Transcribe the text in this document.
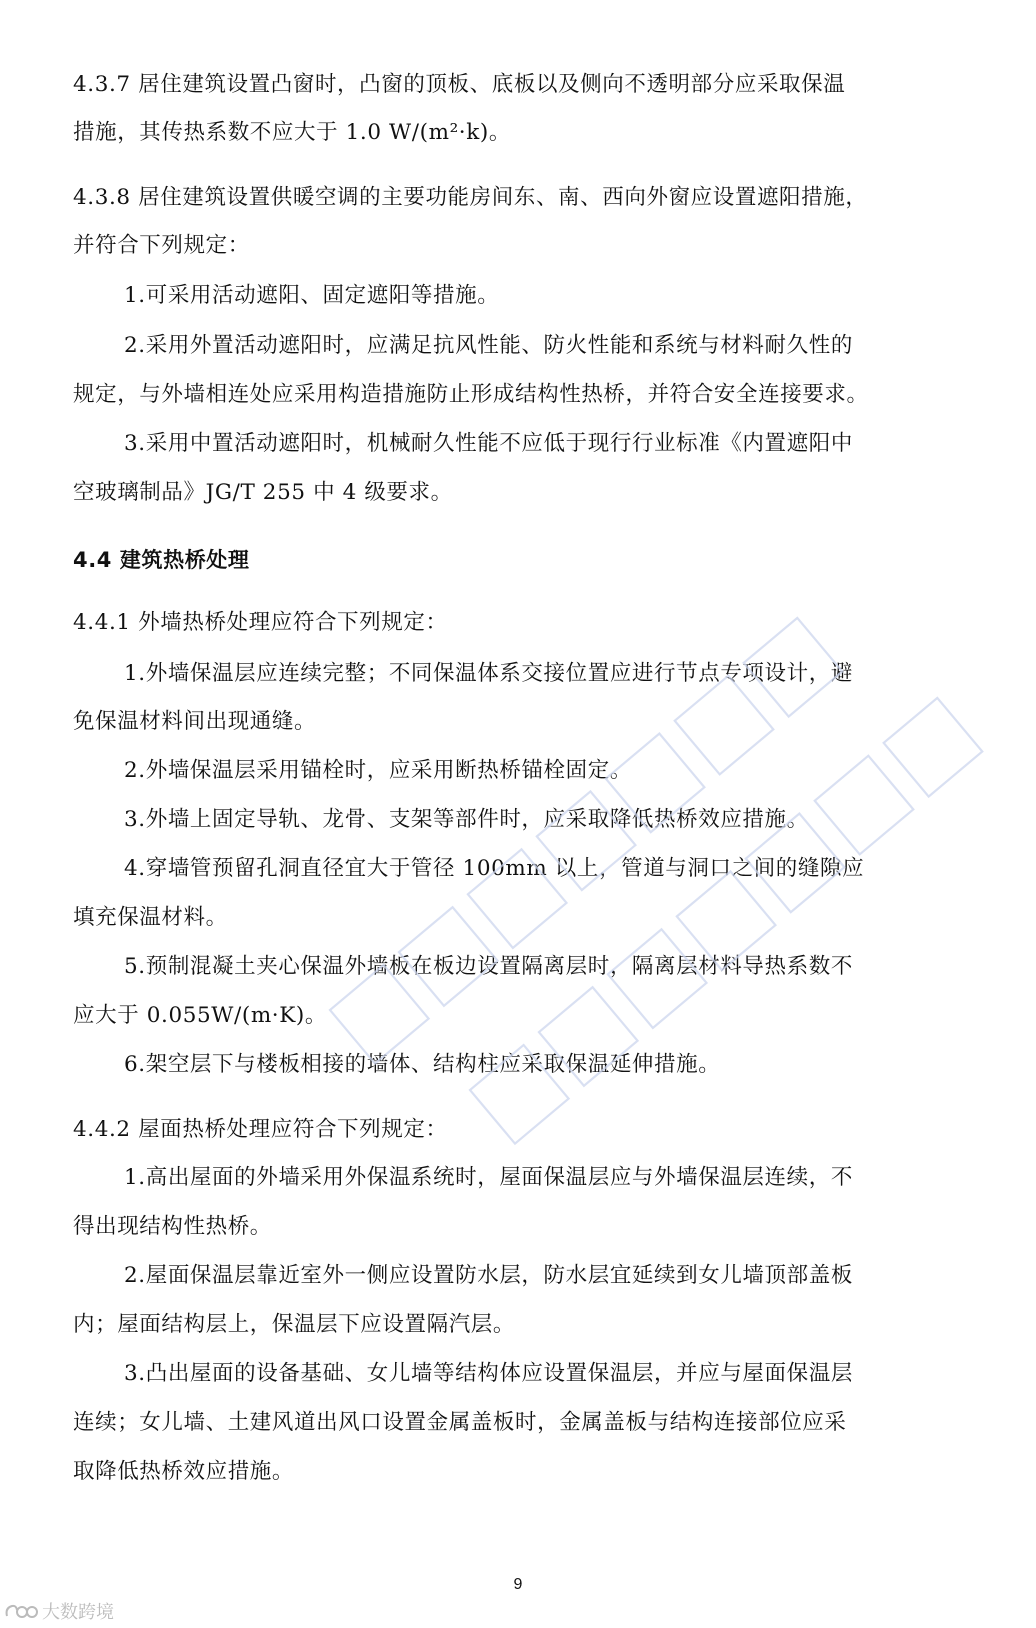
4.3.7 居住建筑设置凸窗时，凸窗的顶板、底板以及侧向不透明部分应采取保温
措施，其传热系数不应大于 1.0 W/(m²·k)。
4.3.8 居住建筑设置供暖空调的主要功能房间东、南、西向外窗应设置遮阳措施，
并符合下列规定：
1.可采用活动遮阳、固定遮阳等措施。
2.采用外置活动遮阳时，应满足抗风性能、防火性能和系统与材料耐久性的
规定，与外墙相连处应采用构造措施防止形成结构性热桥，并符合安全连接要求。
3.采用中置活动遮阳时，机械耐久性能不应低于现行行业标准《内置遮阳中
空玻璃制品》JG/T 255 中 4 级要求。
4.4 建筑热桥处理
4.4.1 外墙热桥处理应符合下列规定：
1.外墙保温层应连续完整；不同保温体系交接位置应进行节点专项设计，避
免保温材料间出现通缝。
2.外墙保温层采用锚栓时，应采用断热桥锚栓固定。
3.外墙上固定导轨、龙骨、支架等部件时，应采取降低热桥效应措施。
4.穿墙管预留孔洞直径宜大于管径 100mm 以上，管道与洞口之间的缝隙应
填充保温材料。
5.预制混凝土夹心保温外墙板在板边设置隔离层时，隔离层材料导热系数不
应大于 0.055W/(m·K)。
6.架空层下与楼板相接的墙体、结构柱应采取保温延伸措施。
4.4.2 屋面热桥处理应符合下列规定：
1.高出屋面的外墙采用外保温系统时，屋面保温层应与外墙保温层连续，不
得出现结构性热桥。
2.屋面保温层靠近室外一侧应设置防水层，防水层宜延续到女儿墙顶部盖板
内；屋面结构层上，保温层下应设置隔汽层。
3.凸出屋面的设备基础、女儿墙等结构体应设置保温层，并应与屋面保温层
连续；女儿墙、土建风道出风口设置金属盖板时，金属盖板与结构连接部位应采
取降低热桥效应措施。
9
大数跨境
